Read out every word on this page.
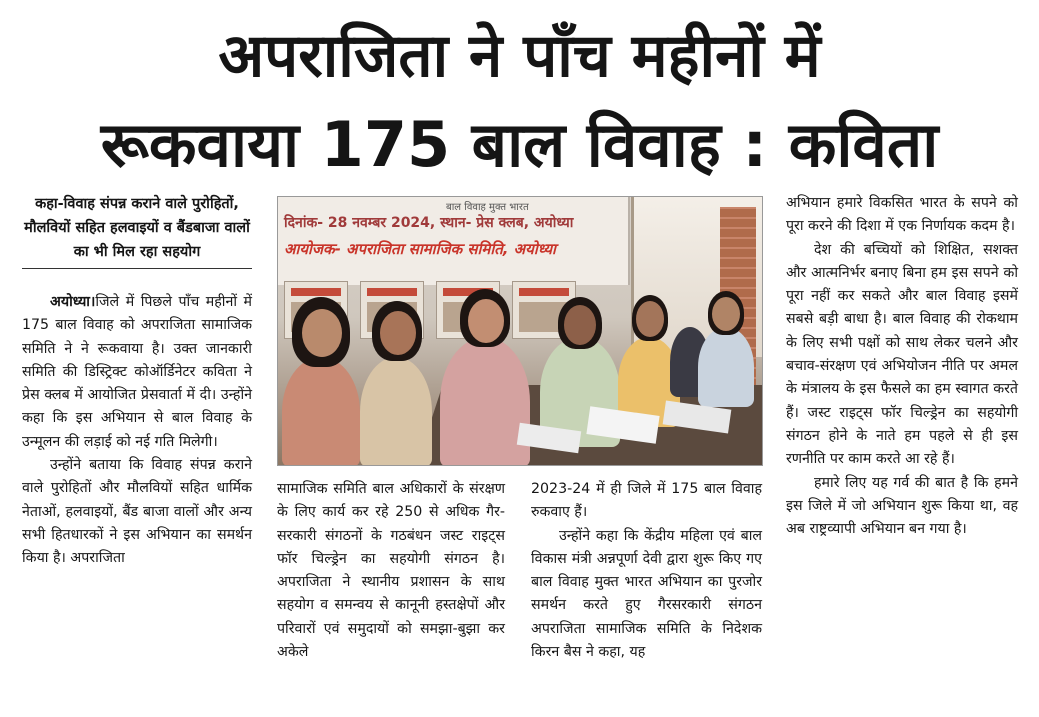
अपराजिता ने पाँच महीनों में
रूकवाया 175 बाल विवाह : कविता
कहा-विवाह संपन्न कराने वाले पुरोहितों, मौलवियों सहित हलवाइयों व बैंडबाजा वालों का भी मिल रहा सहयोग

अयोध्या।जिले में पिछले पाँच महीनों में 175 बाल विवाह को अपराजिता सामाजिक समिति ने ने रूकवाया है। उक्त जानकारी समिति की डिस्ट्रिक्ट कोऑर्डिनेटर कविता ने प्रेस क्लब में आयोजित प्रेसवार्ता में दी। उन्होंने कहा कि इस अभियान से बाल विवाह के उन्मूलन की लड़ाई को नई गति मिलेगी।

उन्होंने बताया कि विवाह संपन्न कराने वाले पुरोहितों और मौलवियों सहित धार्मिक नेताओं, हलवाइयों, बैंड बाजा वालों और अन्य सभी हितधारकों ने इस अभियान का समर्थन किया है। अपराजिता

बाल विवाह मुक्त भारत
दिनांक- 28 नवम्बर 2024, स्थान- प्रेस क्लब, अयोध्या
आयोजक- अपराजिता सामाजिक समिति, अयोध्या

सामाजिक समिति बाल अधिकारों के संरक्षण के लिए कार्य कर रहे 250 से अधिक गैर-सरकारी संगठनों के गठबंधन जस्ट राइट्स फॉर चिल्ड्रेन का सहयोगी संगठन है। अपराजिता ने स्थानीय प्रशासन के साथ सहयोग व समन्वय से कानूनी हस्तक्षेपों और परिवारों एवं समुदायों को समझा-बुझा कर अकेले

2023-24 में ही जिले में 175 बाल विवाह रुकवाए हैं।

उन्होंने कहा कि केंद्रीय महिला एवं बाल विकास मंत्री अन्नपूर्णा देवी द्वारा शुरू किए गए बाल विवाह मुक्त भारत अभियान का पुरजोर समर्थन करते हुए गैरसरकारी संगठन अपराजिता सामाजिक समिति के निदेशक किरन बैस ने कहा, यह

अभियान हमारे विकसित भारत के सपने को पूरा करने की दिशा में एक निर्णायक कदम है।

देश की बच्चियों को शिक्षित, सशक्त और आत्मनिर्भर बनाए बिना हम इस सपने को पूरा नहीं कर सकते और बाल विवाह इसमें सबसे बड़ी बाधा है। बाल विवाह की रोकथाम के लिए सभी पक्षों को साथ लेकर चलने और बचाव-संरक्षण एवं अभियोजन नीति पर अमल के मंत्रालय के इस फैसले का हम स्वागत करते हैं। जस्ट राइट्स फॉर चिल्ड्रेन का सहयोगी संगठन होने के नाते हम पहले से ही इस रणनीति पर काम करते आ रहे हैं।

हमारे लिए यह गर्व की बात है कि हमने इस जिले में जो अभियान शुरू किया था, वह अब राष्ट्रव्यापी अभियान बन गया है।
